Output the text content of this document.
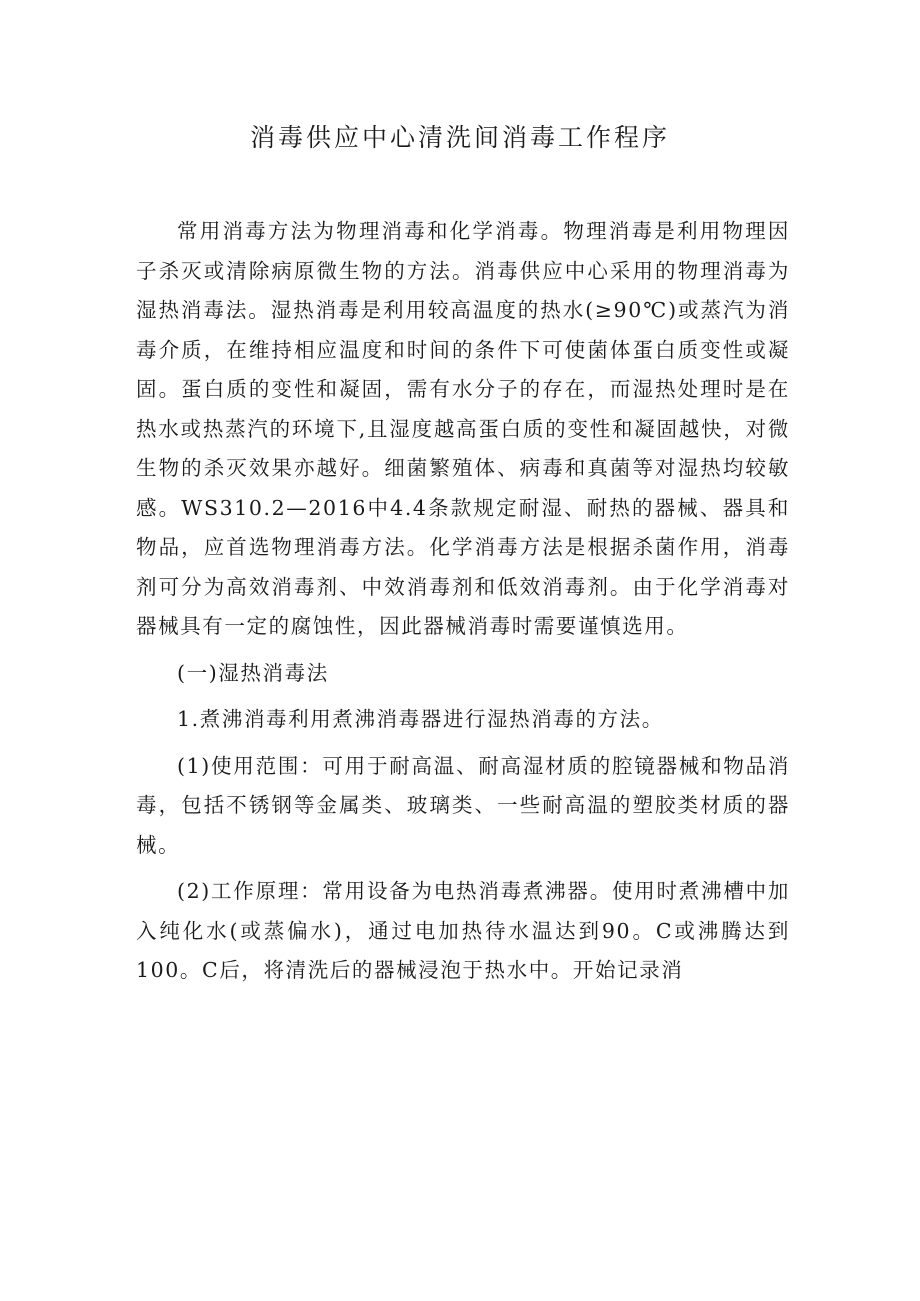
消毒供应中心清洗间消毒工作程序

常用消毒方法为物理消毒和化学消毒。物理消毒是利用物理因子杀灭或清除病原微生物的方法。消毒供应中心采用的物理消毒为湿热消毒法。湿热消毒是利用较高温度的热水(≥90℃)或蒸汽为消毒介质，在维持相应温度和时间的条件下可使菌体蛋白质变性或凝固。蛋白质的变性和凝固，需有水分子的存在，而湿热处理时是在热水或热蒸汽的环境下,且湿度越高蛋白质的变性和凝固越快，对微生物的杀灭效果亦越好。细菌繁殖体、病毒和真菌等对湿热均较敏感。WS310.2—2016中4.4条款规定耐湿、耐热的器械、器具和物品，应首选物理消毒方法。化学消毒方法是根据杀菌作用，消毒剂可分为高效消毒剂、中效消毒剂和低效消毒剂。由于化学消毒对器械具有一定的腐蚀性，因此器械消毒时需要谨慎选用。

(一)湿热消毒法

1.煮沸消毒利用煮沸消毒器进行湿热消毒的方法。

(1)使用范围：可用于耐高温、耐高湿材质的腔镜器械和物品消毒，包括不锈钢等金属类、玻璃类、一些耐高温的塑胶类材质的器械。

(2)工作原理：常用设备为电热消毒煮沸器。使用时煮沸槽中加入纯化水(或蒸偏水)，通过电加热待水温达到90。C或沸腾达到100。C后，将清洗后的器械浸泡于热水中。开始记录消
